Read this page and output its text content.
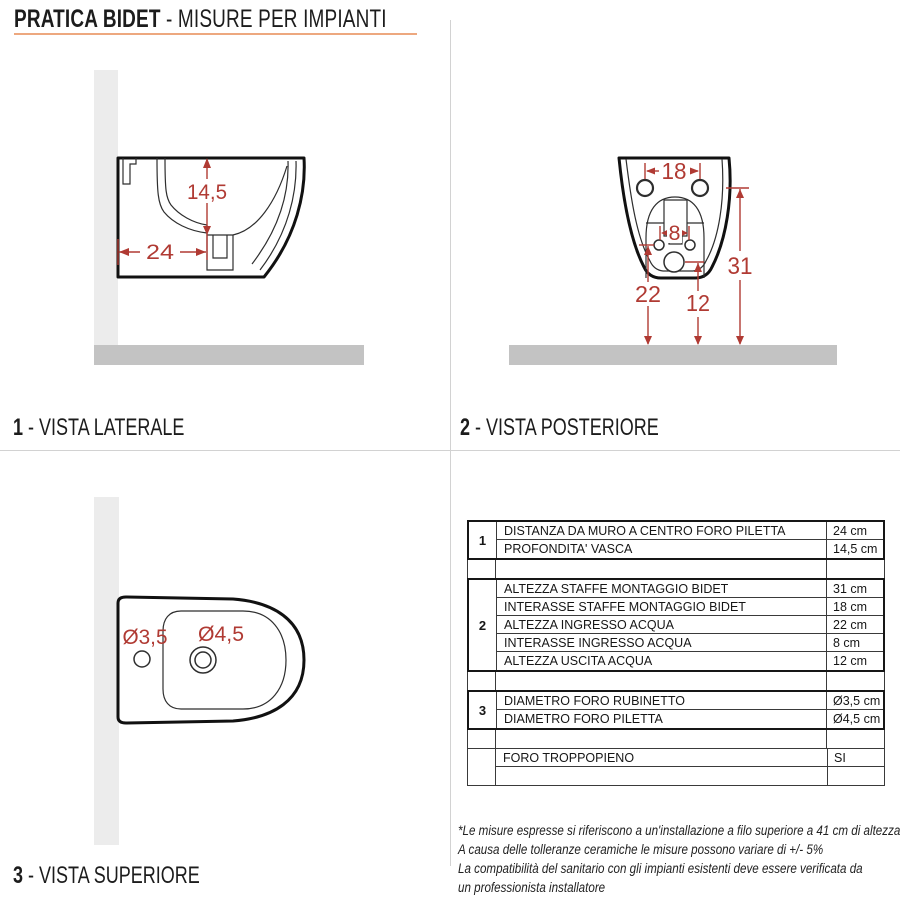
PRATICA BIDET - MISURE PER IMPIANTI
14,5
24
18
8
22 12
31
Ø3,5 Ø4,5
1 - VISTA LATERALE	2 - VISTA POSTERIORE
3 - VISTA SUPERIORE
1
DISTANZA DA MURO A CENTRO FORO PILETTA	24 cm
PROFONDITA' VASCA	14,5 cm
2
ALTEZZA STAFFE MONTAGGIO BIDET	31 cm
INTERASSE STAFFE MONTAGGIO BIDET	18 cm
ALTEZZA INGRESSO ACQUA	22 cm
INTERASSE INGRESSO ACQUA	8 cm
ALTEZZA USCITA ACQUA	12 cm
3
DIAMETRO FORO RUBINETTO	Ø3,5 cm
DIAMETRO FORO PILETTA	Ø4,5 cm
FORO TROPPOPIENO	SI
*Le misure espresse si riferiscono a un'installazione a filo superiore a 41 cm di altezza
A causa delle tolleranze ceramiche le misure possono variare di +/- 5%
La compatibilità del sanitario con gli impianti esistenti deve essere verificata da
un professionista installatore
